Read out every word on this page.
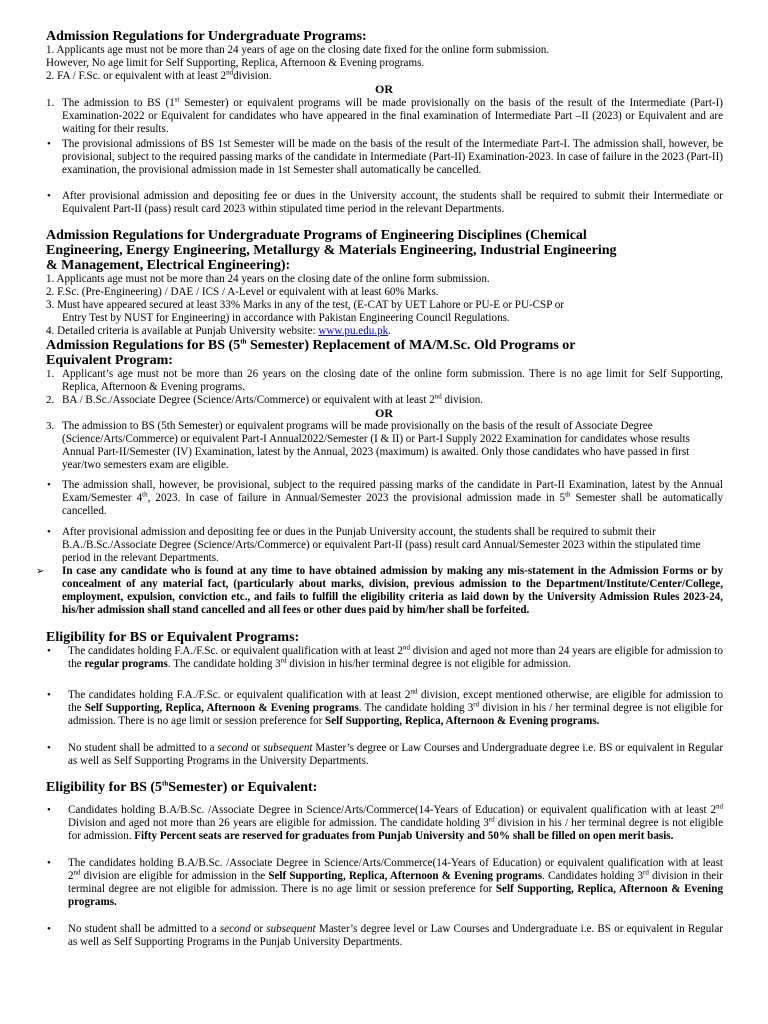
Admission Regulations for Undergraduate Programs:

1. Applicants age must not be more than 24 years of age on the closing date fixed for the online form submission.

However, No age limit for Self Supporting, Replica, Afternoon & Evening programs.

2. FA / F.Sc. or equivalent with at least 2nddivision.

OR

1. The admission to BS (1st Semester) or equivalent programs will be made provisionally on the basis of the result of the Intermediate (Part-I) Examination-2022 or Equivalent for candidates who have appeared in the final examination of Intermediate Part –II (2023) or Equivalent and are waiting for their results.

• The provisional admissions of BS 1st Semester will be made on the basis of the result of the Intermediate Part-I. The admission shall, however, be provisional, subject to the required passing marks of the candidate in Intermediate (Part-II) Examination-2023. In case of failure in the 2023 (Part-II) examination, the provisional admission made in 1st Semester shall automatically be cancelled.

• After provisional admission and depositing fee or dues in the University account, the students shall be required to submit their Intermediate or Equivalent Part-II (pass) result card 2023 within stipulated time period in the relevant Departments.

Admission Regulations for Undergraduate Programs of Engineering Disciplines (Chemical
Engineering, Energy Engineering, Metallurgy & Materials Engineering, Industrial Engineering
& Management, Electrical Engineering):

1. Applicants age must not be more than 24 years on the closing date of the online form submission.

2. F.Sc. (Pre-Engineering) / DAE / ICS / A-Level or equivalent with at least 60% Marks.

3. Must have appeared secured at least 33% Marks in any of the test, (E-CAT by UET Lahore or PU-E or PU-CSP or

Entry Test by NUST for Engineering) in accordance with Pakistan Engineering Council Regulations.

4. Detailed criteria is available at Punjab University website: www.pu.edu.pk.

Admission Regulations for BS (5th Semester) Replacement of MA/M.Sc. Old Programs or
Equivalent Program:
1. Applicant’s age must not be more than 26 years on the closing date of the online form submission. There is no age limit for Self Supporting, Replica, Afternoon & Evening programs.

2. BA / B.Sc./Associate Degree (Science/Arts/Commerce) or equivalent with at least 2nd division.

OR

3. The admission to BS (5th Semester) or equivalent programs will be made provisionally on the basis of the result of Associate Degree (Science/Arts/Commerce) or equivalent Part-I Annual2022/Semester (I & II) or Part-I Supply 2022 Examination for candidates whose results Annual Part-II/Semester (IV) Examination, latest by the Annual, 2023 (maximum) is awaited. Only those candidates who have passed in first year/two semesters exam are eligible.

• The admission shall, however, be provisional, subject to the required passing marks of the candidate in Part-II Examination, latest by the Annual Exam/Semester 4th, 2023. In case of failure in Annual/Semester 2023 the provisional admission made in 5th Semester shall be automatically cancelled.

• After provisional admission and depositing fee or dues in the Punjab University account, the students shall be required to submit their B.A./B.Sc./Associate Degree (Science/Arts/Commerce) or equivalent Part-II (pass) result card Annual/Semester 2023 within the stipulated time period in the relevant Departments.

➢ In case any candidate who is found at any time to have obtained admission by making any mis-statement in the Admission Forms or by concealment of any material fact, (particularly about marks, division, previous admission to the Department/Institute/Center/College, employment, expulsion, conviction etc., and fails to fulfill the eligibility criteria as laid down by the University Admission Rules 2023-24, his/her admission shall stand cancelled and all fees or other dues paid by him/her shall be forfeited.

Eligibility for BS or Equivalent Programs:
• The candidates holding F.A./F.Sc. or equivalent qualification with at least 2nd division and aged not more than 24 years are eligible for admission to the regular programs. The candidate holding 3rd division in his/her terminal degree is not eligible for admission.

• The candidates holding F.A./F.Sc. or equivalent qualification with at least 2nd division, except mentioned otherwise, are eligible for admission to the Self Supporting, Replica, Afternoon & Evening programs. The candidate holding 3rd division in his / her terminal degree is not eligible for admission. There is no age limit or session preference for Self Supporting, Replica, Afternoon & Evening programs.

• No student shall be admitted to a second or subsequent Master’s degree or Law Courses and Undergraduate degree i.e. BS or equivalent in Regular as well as Self Supporting Programs in the University Departments.

Eligibility for BS (5thSemester) or Equivalent:
• Candidates holding B.A/B.Sc. /Associate Degree in Science/Arts/Commerce(14-Years of Education) or equivalent qualification with at least 2nd Division and aged not more than 26 years are eligible for admission. The candidate holding 3rd division in his / her terminal degree is not eligible for admission. Fifty Percent seats are reserved for graduates from Punjab University and 50% shall be filled on open merit basis.

• The candidates holding B.A/B.Sc. /Associate Degree in Science/Arts/Commerce(14-Years of Education) or equivalent qualification with at least 2nd division are eligible for admission in the Self Supporting, Replica, Afternoon & Evening programs. Candidates holding 3rd division in their terminal degree are not eligible for admission. There is no age limit or session preference for Self Supporting, Replica, Afternoon & Evening programs.

• No student shall be admitted to a second or subsequent Master’s degree level or Law Courses and Undergraduate i.e. BS or equivalent in Regular as well as Self Supporting Programs in the Punjab University Departments.
